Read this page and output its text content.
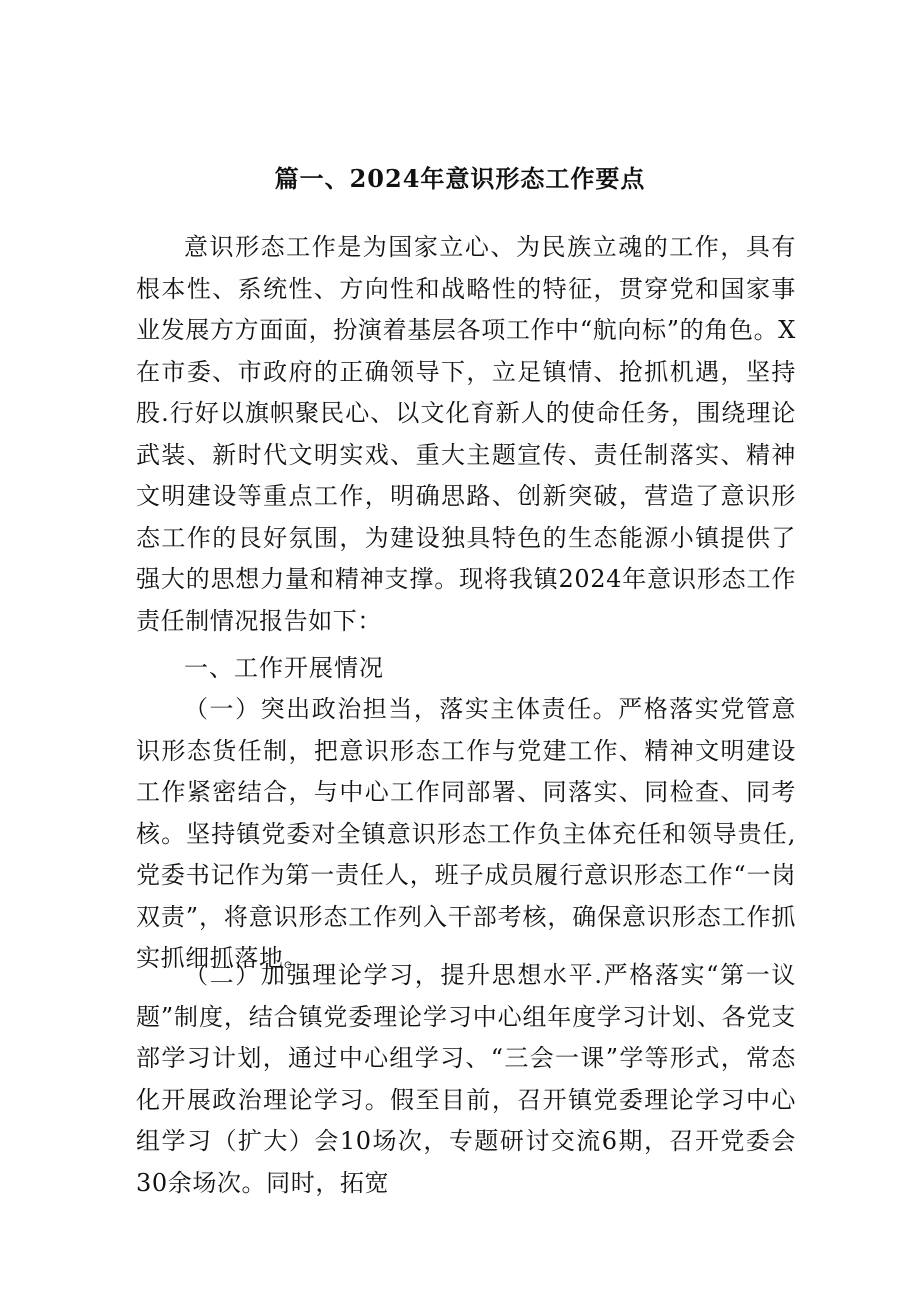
篇一、2024年意识形态工作要点

意识形态工作是为国家立心、为民族立魂的工作，具有根本性、系统性、方向性和战略性的特征，贯穿党和国家事业发展方方面面，扮演着基层各项工作中“航向标”的角色。X在市委、市政府的正确领导下，立足镇情、抢抓机遇，坚持股.行好以旗帜聚民心、以文化育新人的使命任务，围绕理论武装、新时代文明实戏、重大主题宣传、责任制落实、精神文明建设等重点工作，明确思路、创新突破，营造了意识形态工作的艮好氛围，为建设独具特色的生态能源小镇提供了强大的思想力量和精神支撑。现将我镇2024年意识形态工作责任制情况报告如下：

一、工作开展情况

（一）突出政治担当，落实主体责任。严格落实党管意识形态货任制，把意识形态工作与党建工作、精神文明建设工作紧密结合，与中心工作同部署、同落实、同检查、同考核。坚持镇党委对全镇意识形态工作负主体充任和领导贵任,党委书记作为第一责任人，班子成员履行意识形态工作“一岗双责”，将意识形态工作列入干部考核，确保意识形态工作抓实抓细抓落地。

（二）加强理论学习，提升思想水平.严格落实“第一议题”制度，结合镇党委理论学习中心组年度学习计划、各党支部学习计划，通过中心组学习、“三会一课”学等形式，常态化开展政治理论学习。假至目前，召开镇党委理论学习中心组学习（扩大）会10场次，专题研讨交流6期，召开党委会30余场次。同时，拓宽
